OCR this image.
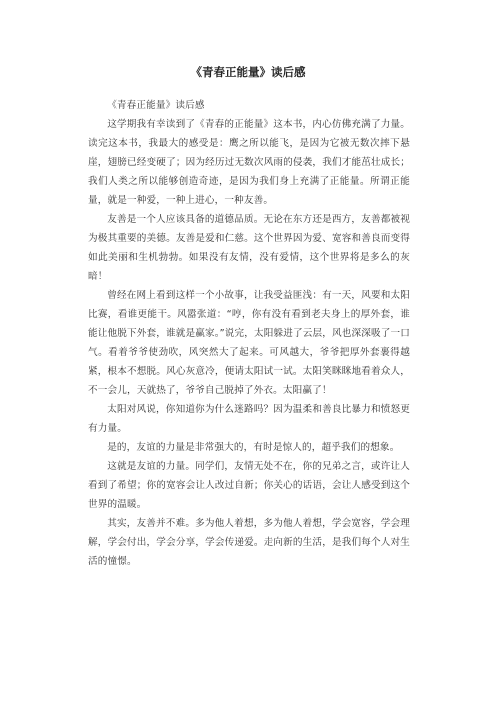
《青春正能量》读后感

《青春正能量》读后感

这学期我有幸读到了《青春的正能量》这本书，内心仿佛充满了力量。读完这本书，我最大的感受是：鹰之所以能飞，是因为它被无数次摔下悬崖，翅膀已经变硬了；因为经历过无数次风雨的侵袭，我们才能茁壮成长；我们人类之所以能够创造奇迹，是因为我们身上充满了正能量。所谓正能量，就是一种爱，一种上进心，一种友善。

友善是一个人应该具备的道德品质。无论在东方还是西方，友善都被视为极其重要的美德。友善是爱和仁慈。这个世界因为爱、宽容和善良而变得如此美丽和生机勃勃。如果没有友情，没有爱情，这个世界将是多么的灰暗！

曾经在网上看到这样一个小故事，让我受益匪浅：有一天，风要和太阳比赛，看谁更能干。风嚣张道：“哼，你有没有看到老夫身上的厚外套，谁能让他脱下外套，谁就是赢家。”说完，太阳躲进了云层，风也深深吸了一口气。看着爷爷使劲吹，风突然大了起来。可风越大，爷爷把厚外套裹得越紧，根本不想脱。风心灰意冷，便请太阳试一试。太阳笑眯眯地看着众人，不一会儿，天就热了，爷爷自己脱掉了外衣。太阳赢了！

太阳对风说，你知道你为什么迷路吗？因为温柔和善良比暴力和愤怒更有力量。

是的，友谊的力量是非常强大的，有时是惊人的，超乎我们的想象。

这就是友谊的力量。同学们，友情无处不在，你的兄弟之言，或许让人看到了希望；你的宽容会让人改过自新；你关心的话语，会让人感受到这个世界的温暖。

其实，友善并不难。多为他人着想，多为他人着想，学会宽容，学会理解，学会付出，学会分享，学会传递爱。走向新的生活，是我们每个人对生活的憧憬。
